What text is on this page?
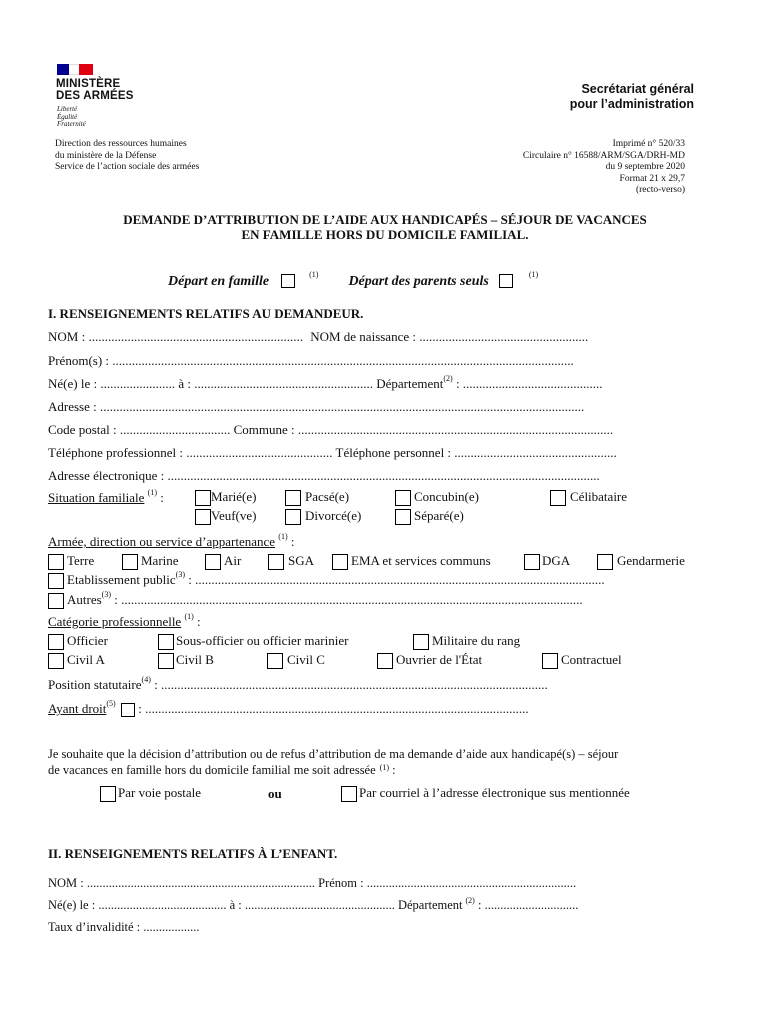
MINISTÈRE
DES ARMÉES
Liberté
Égalité
Fraternité
Secrétariat général
pour l’administration
Direction des ressources humaines
du ministère de la Défense
Service de l’action sociale des armées
Imprimé n° 520/33
Circulaire n° 16588/ARM/SGA/DRH-MD
du 9 septembre 2020
Format 21 x 29,7
(recto-verso)
DEMANDE D’ATTRIBUTION DE L’AIDE AUX HANDICAPÉS – SÉJOUR DE VACANCES
EN FAMILLE HORS DU DOMICILE FAMILIAL.
Départ en famille	$^{(1)}$ Départ des parents seuls	$^{(1)}$
I. RENSEIGNEMENTS RELATIFS AU DEMANDEUR.
NOM : .................................................................. NOM de naissance : ....................................................
Prénom(s) : ..............................................................................................................................................
Né(e) le : ....................... à : ....................................................... Département$^{(2)}$ : ...........................................
Adresse : .....................................................................................................................................................
Code postal : .................................. Commune : .................................................................................................
Téléphone professionnel : ............................................. Téléphone personnel : ..................................................
Adresse électronique : .....................................................................................................................................
Situation familiale $^{(1)}$ :	Marié(e)	Pacsé(e)	Concubin(e)	Célibataire
Veuf(ve)	Divorcé(e)	Séparé(e)
Armée, direction ou service d’appartenance $^{(1)}$ :
Terre	Marine	Air	SGA	EMA et services communs	DGA	Gendarmerie
Etablissement public$^{(3)}$ : ..............................................................................................................................
Autres$^{(3)}$ : ..............................................................................................................................................
Catégorie professionnelle $^{(1)}$ :
Officier	Sous-officier ou officier marinier	Militaire du rang
Civil A	Civil B	Civil C	Ouvrier de l'État	Contractuel
Position statutaire$^{(4)}$ : .......................................................................................................................
Ayant droit$^{(5)}$  : ......................................................................................................................
Je souhaite que la décision d’attribution ou de refus d’attribution de ma demande d’aide aux handicapé(s) – séjour
de vacances en famille hors du domicile familial me soit adressée $^{(1)}$ :
Par voie postale	ou	Par courriel à l’adresse électronique sus mentionnée
II. RENSEIGNEMENTS RELATIFS À L’ENFANT.
NOM : ......................................................................... Prénom : ...................................................................
Né(e) le : ......................................... à : ................................................ Département $^{(2)}$ : ..............................
Taux d’invalidité : ..................
